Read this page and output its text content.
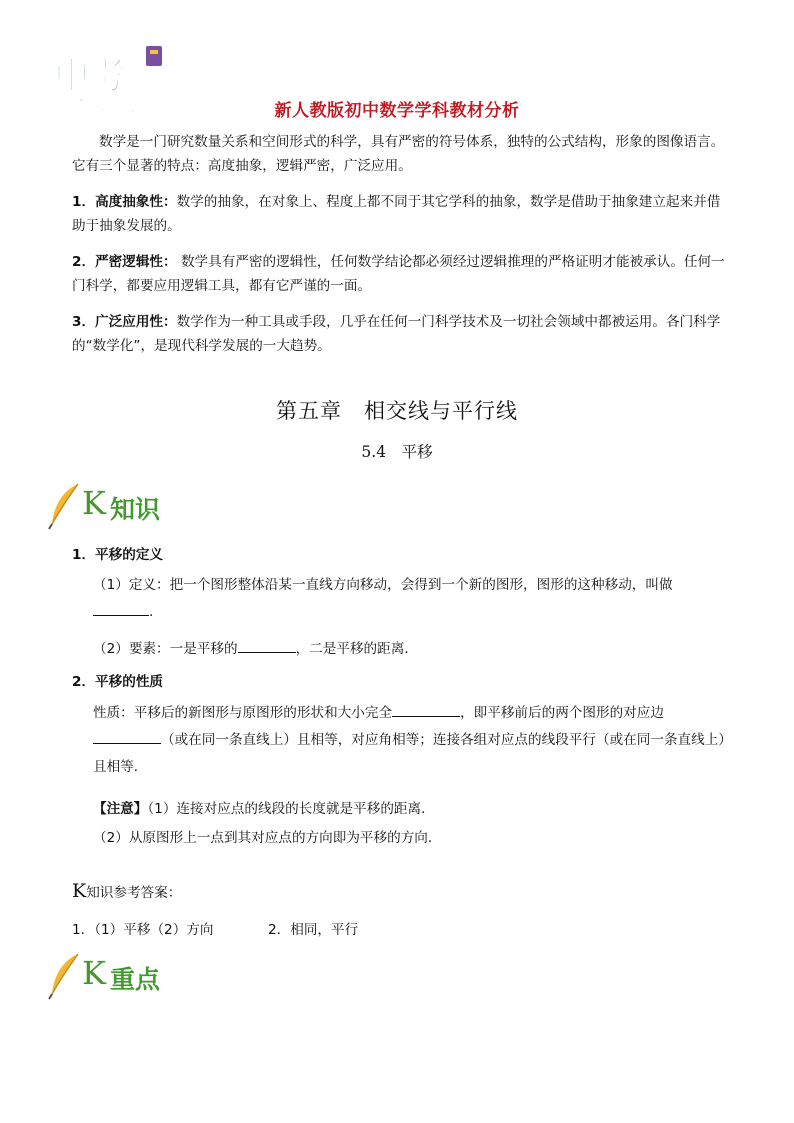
中考
倒计时	新人教版初中数学学科教材分析
数学是一门研究数量关系和空间形式的科学，具有严密的符号体系，独特的公式结构，形象的图像语言。它有三个显著的特点：高度抽象，逻辑严密，广泛应用。
1．高度抽象性：数学的抽象，在对象上、程度上都不同于其它学科的抽象，数学是借助于抽象建立起来并借助于抽象发展的。
2．严密逻辑性： 数学具有严密的逻辑性，任何数学结论都必须经过逻辑推理的严格证明才能被承认。任何一门科学，都要应用逻辑工具，都有它严谨的一面。
3．广泛应用性：数学作为一种工具或手段，几乎在任何一门科学技术及一切社会领域中都被运用。各门科学的“数学化”，是现代科学发展的一大趋势。
第五章　相交线与平行线
5.4　平移
K 知识
1．平移的定义
（1）定义：把一个图形整体沿某一直线方向移动，会得到一个新的图形，图形的这种移动，叫做
.
（2）要素：一是平移的	，二是平移的距离．
2．平移的性质
性质：平移后的新图形与原图形的形状和大小完全	，即平移前后的两个图形的对应边
（或在同一条直线上）且相等，对应角相等；连接各组对应点的线段平行（或在同一条直线上）且相等．
【注意】（1）连接对应点的线段的长度就是平移的距离．
（2）从原图形上一点到其对应点的方向即为平移的方向．
K知识参考答案：
1．（1）平移（2）方向	2．相同，平行
K 重点
